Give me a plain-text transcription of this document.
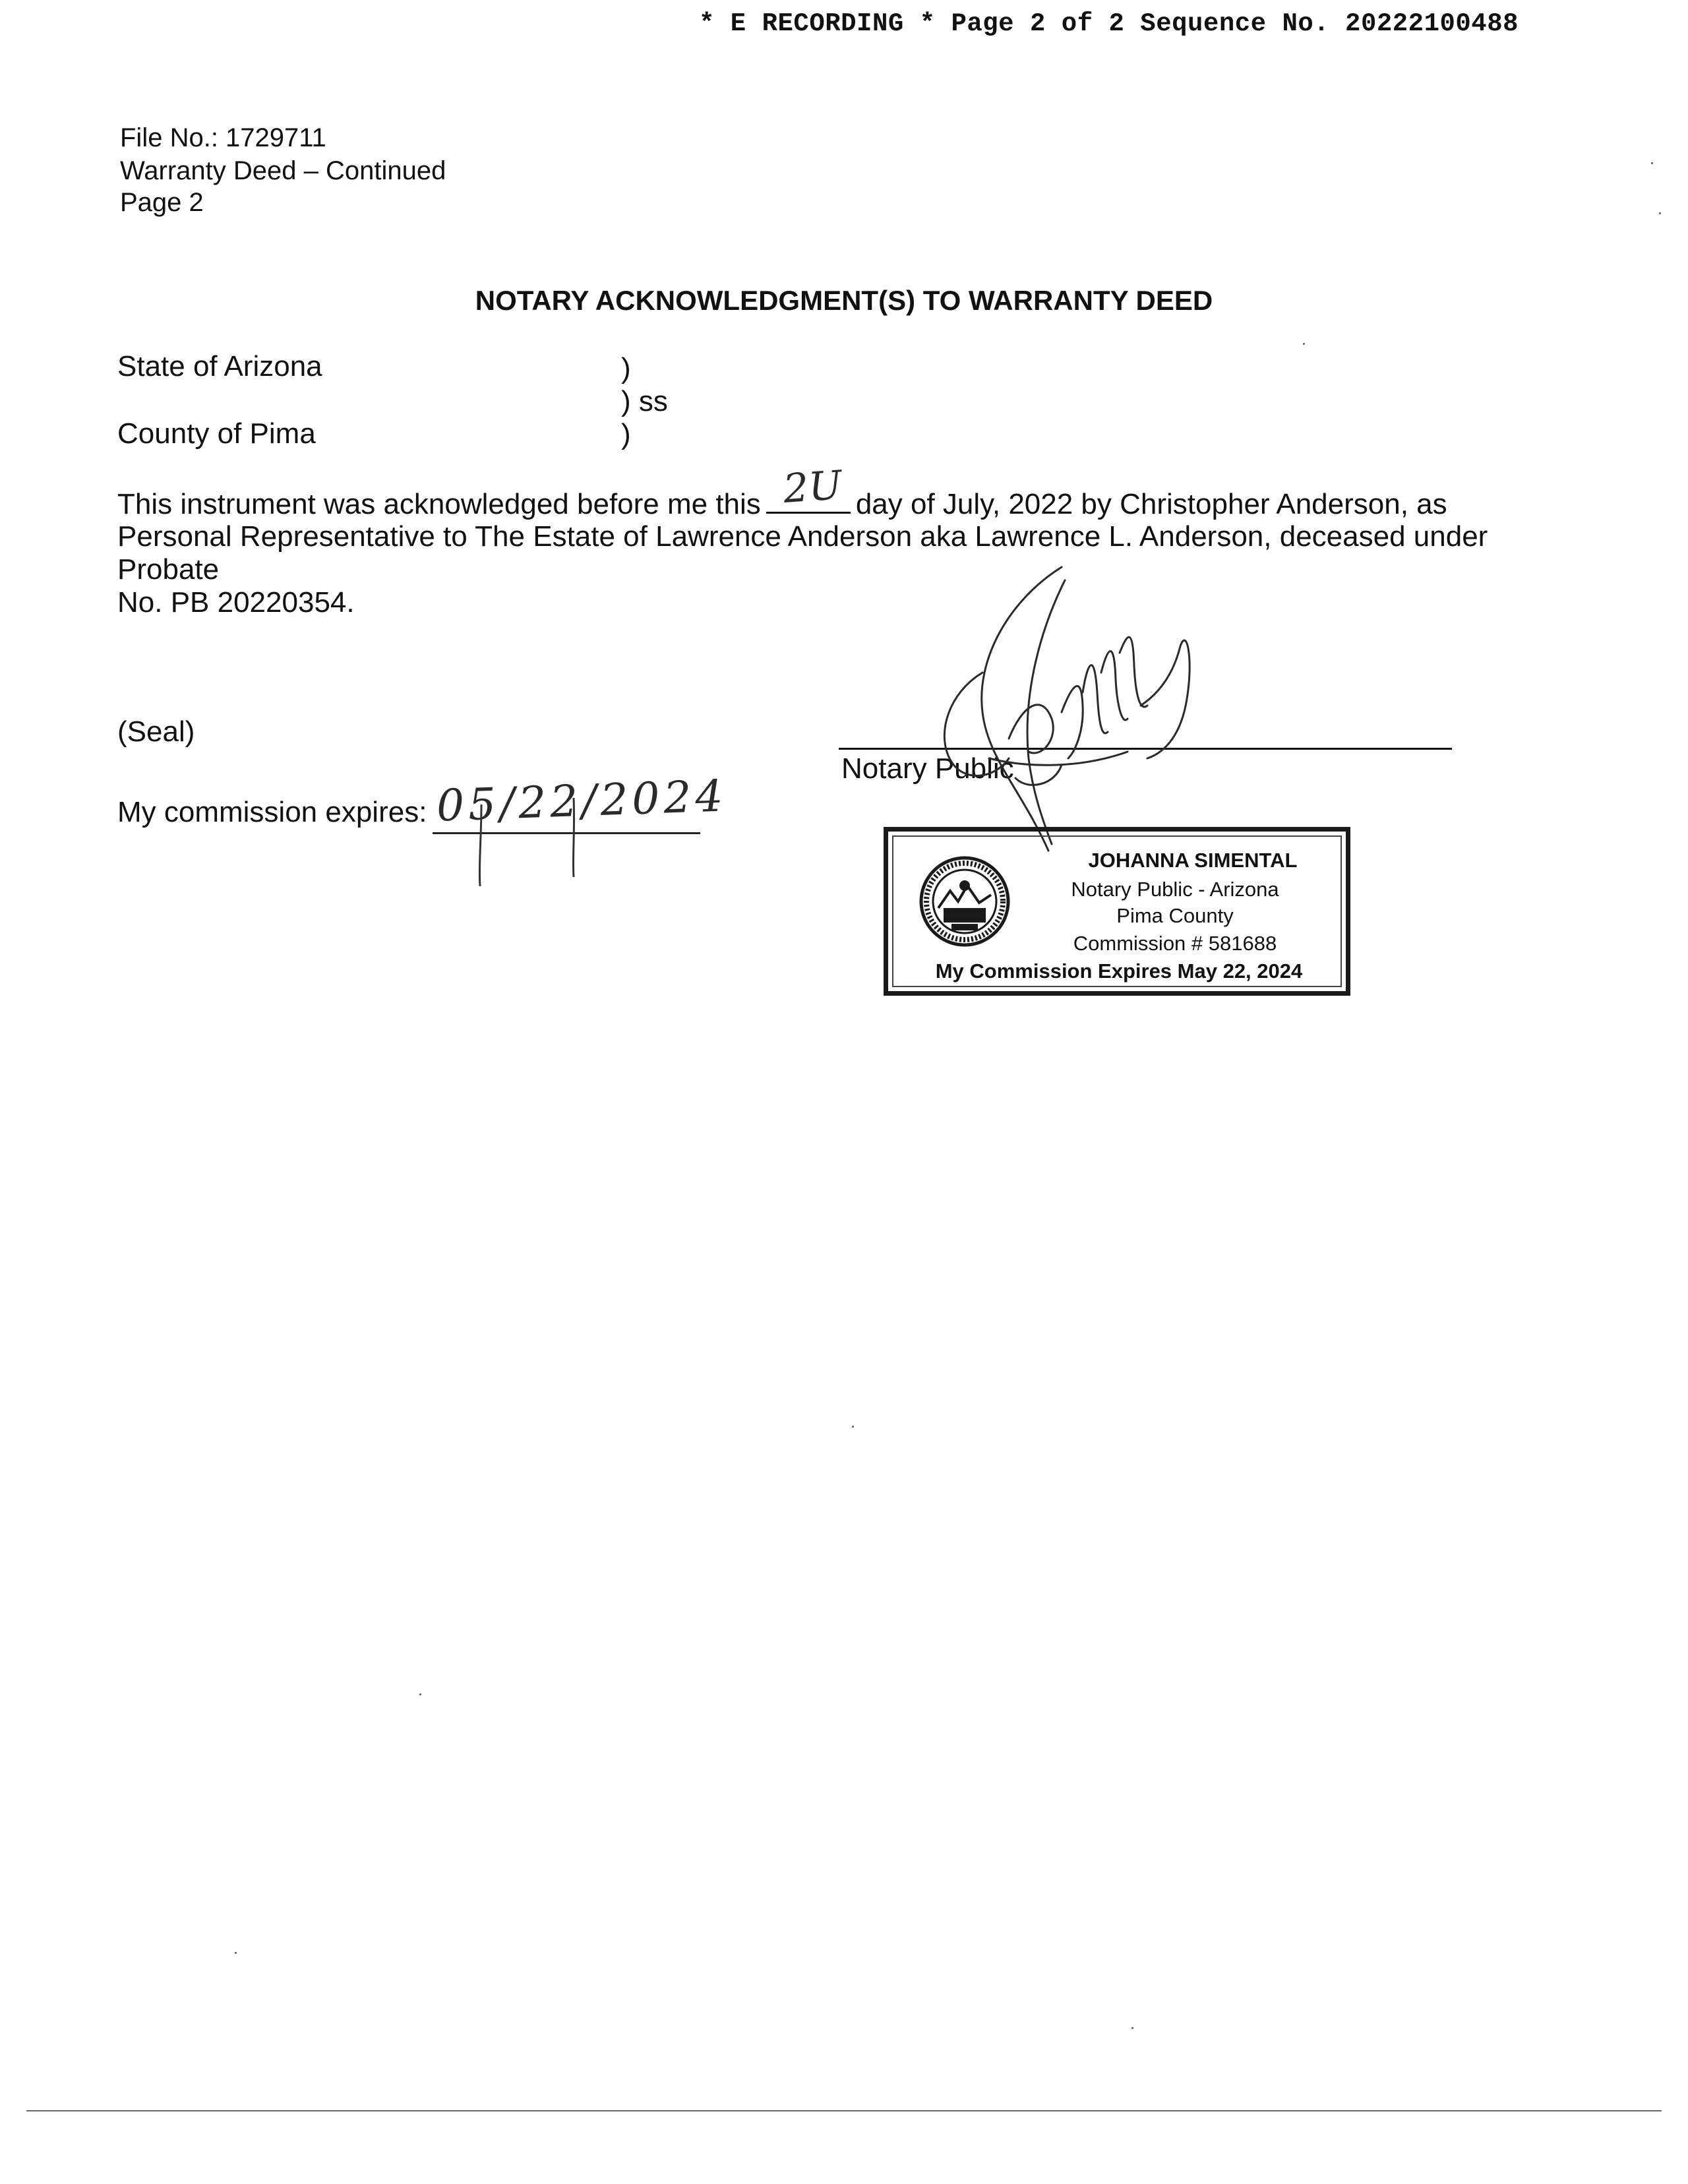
* E RECORDING * Page 2 of 2 Sequence No. 20222100488
File No.: 1729711
Warranty Deed – Continued
Page 2
NOTARY ACKNOWLEDGMENT(S) TO WARRANTY DEED
State of Arizona	)
) ss
)
County of Pima
This instrument was acknowledged before me this	day of July, 2022 by Christopher Anderson, as
Personal Representative to The Estate of Lawrence Anderson aka Lawrence L. Anderson, deceased under
Probate
No. PB 20220354.
2U
(Seal)
My commission expires: 05/22/2024
Notary Public
JOHANNA SIMENTAL
Notary Public - Arizona
Pima County
Commission # 581688
My Commission Expires May 22, 2024
